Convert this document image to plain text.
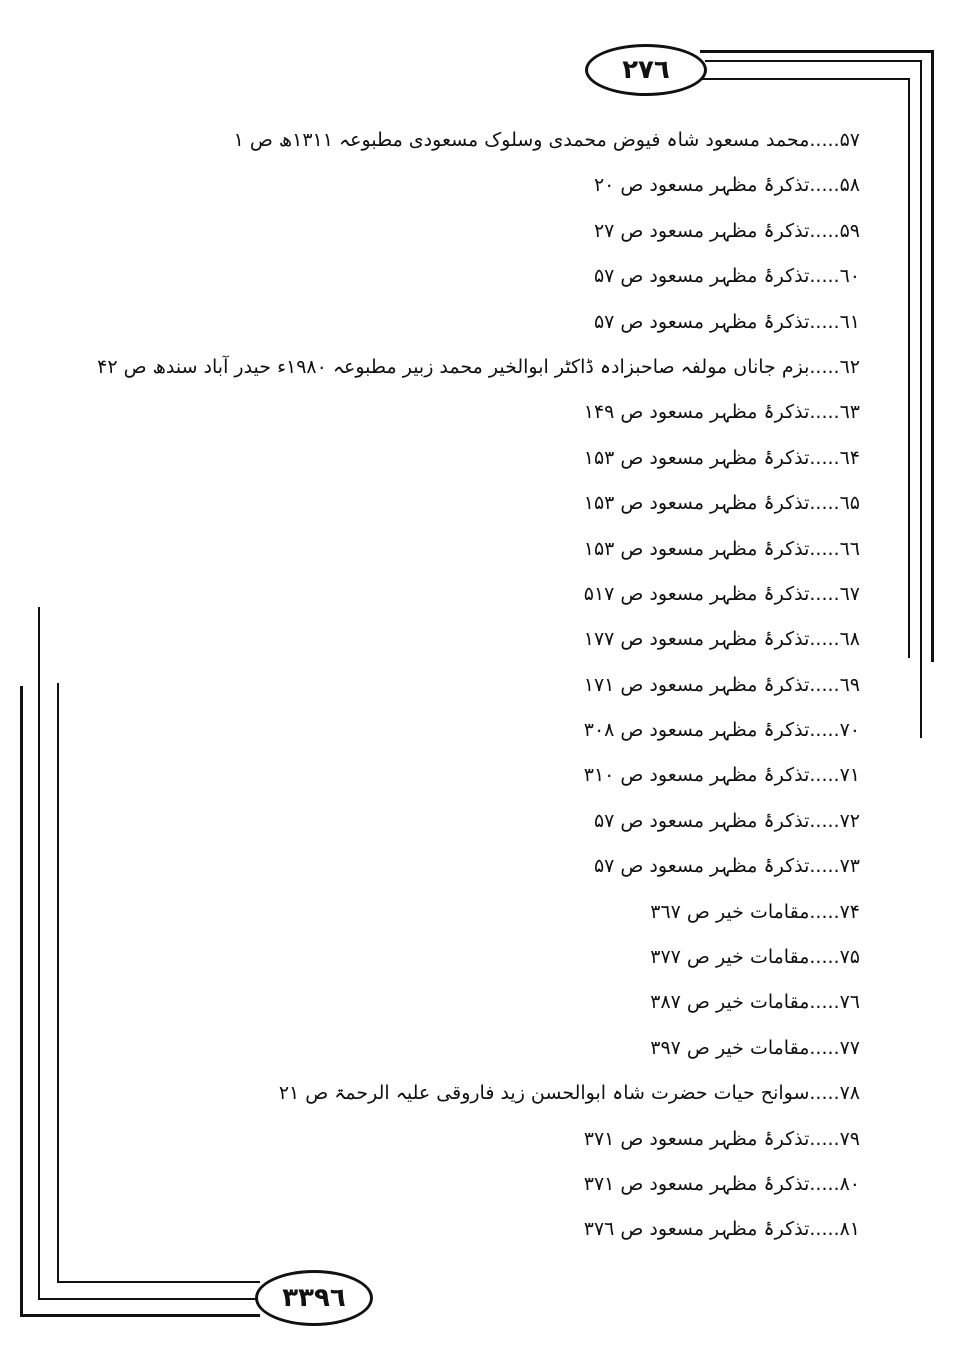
٢٧٦
٣٣٩٦
۵٧.....محمد مسعود شاہ فیوض محمدی وسلوک مسعودی مطبوعہ ١٣١١ھ ص ١
۵٨.....تذکرۂ مظہر مسعود ص ٢٠
۵٩.....تذکرۂ مظہر مسعود ص ٢٧
٦٠.....تذکرۂ مظہر مسعود ص ۵٧
٦١.....تذکرۂ مظہر مسعود ص ۵٧
٦٢.....بزم جاناں مولفہ صاحبزادہ ڈاکٹر ابوالخیر محمد زبیر مطبوعہ ١٩٨٠ء حیدر آباد سندھ ص ۴٢
٦٣.....تذکرۂ مظہر مسعود ص ١۴٩
٦۴.....تذکرۂ مظہر مسعود ص ١۵٣
٦۵.....تذکرۂ مظہر مسعود ص ١۵٣
٦٦.....تذکرۂ مظہر مسعود ص ١۵٣
٦٧.....تذکرۂ مظہر مسعود ص ۵١٧
٦٨.....تذکرۂ مظہر مسعود ص ١٧٧
٦٩.....تذکرۂ مظہر مسعود ص ١٧١
٧٠.....تذکرۂ مظہر مسعود ص ٣٠٨
٧١.....تذکرۂ مظہر مسعود ص ٣١٠
٧٢.....تذکرۂ مظہر مسعود ص ۵٧
٧٣.....تذکرۂ مظہر مسعود ص ۵٧
٧۴.....مقامات خیر ص ٣٦٧
٧۵.....مقامات خیر ص ٣٧٧
٧٦.....مقامات خیر ص ٣٨٧
٧٧.....مقامات خیر ص ٣٩٧
٧٨.....سوانح حیات حضرت شاہ ابوالحسن زید فاروقی علیہ الرحمۃ ص ٢١
٧٩.....تذکرۂ مظہر مسعود ص ٣٧١
٨٠.....تذکرۂ مظہر مسعود ص ٣٧١
٨١.....تذکرۂ مظہر مسعود ص ٣٧٦
